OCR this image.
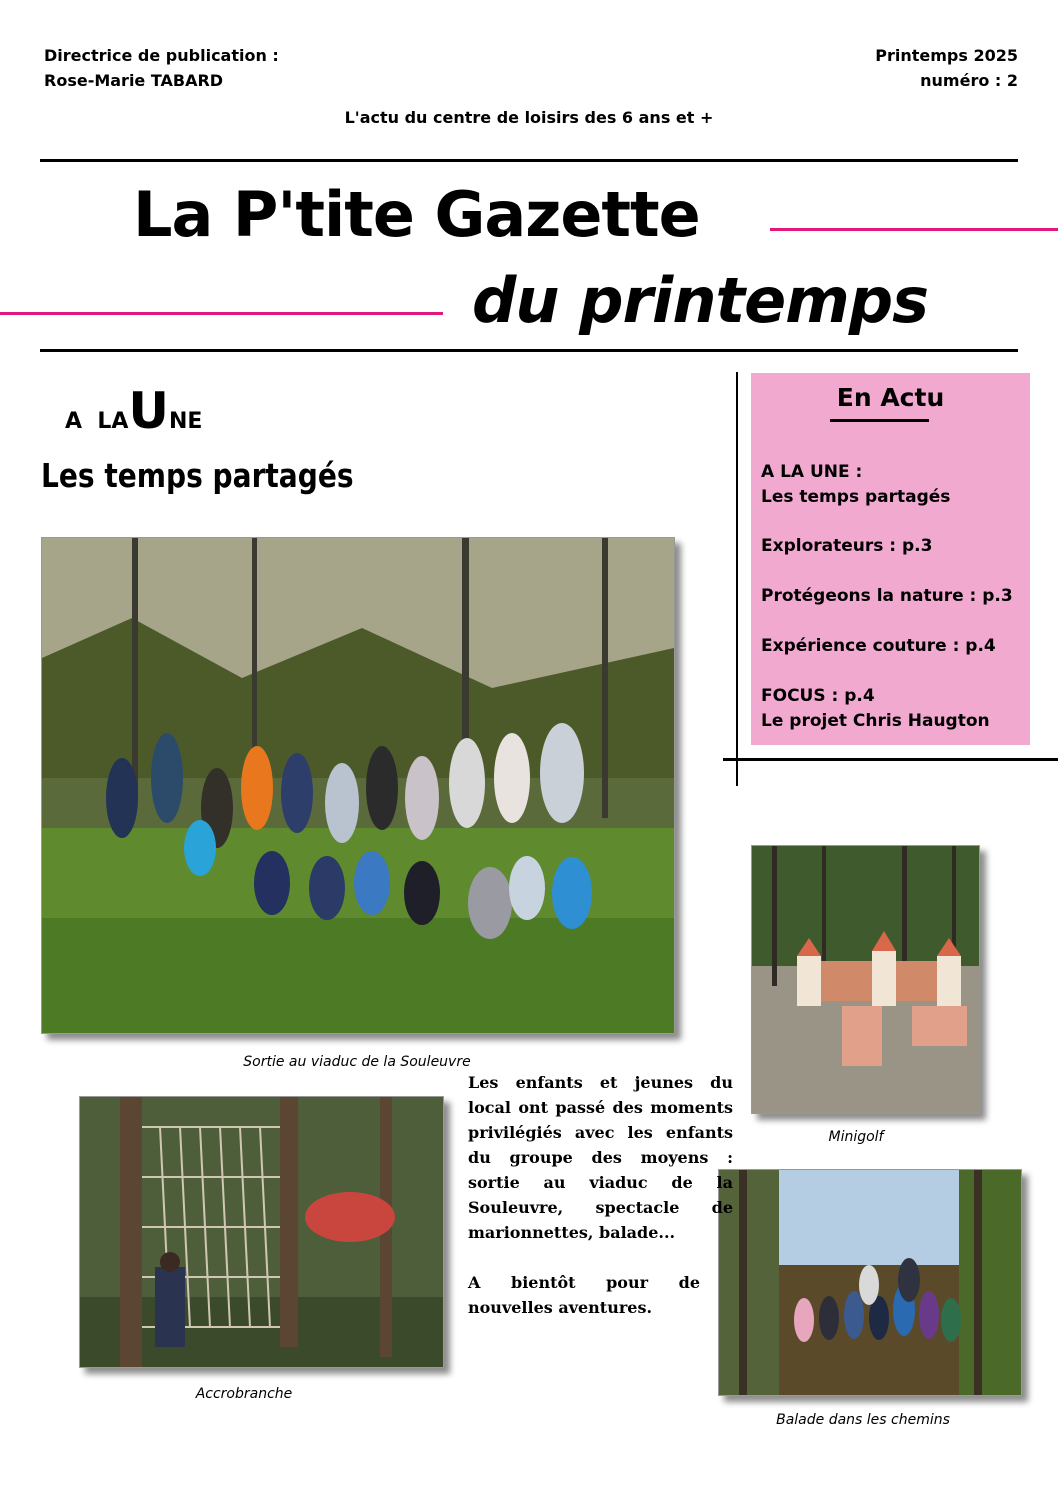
Directrice de publication :
Rose-Marie TABARD
Printemps 2025
numéro : 2
L'actu du centre de loisirs des 6 ans et +
La P'tite Gazette
du printemps
A LAUNE
Les temps partagés
En Actu
A LA UNE :
Les temps partagés
Explorateurs : p.3
Protégeons la nature : p.3
Expérience couture : p.4
FOCUS : p.4
Le projet Chris Haugton
Sortie au viaduc de la Souleuvre
Minigolf
Accrobranche
Balade dans les chemins

Les enfants et jeunes du local ont passé des moments privilégiés avec les enfants du groupe des moyens : sortie au viaduc de la Souleuvre, spectacle de marionnettes, balade...

A bientôt pour de nouvelles aventures.
